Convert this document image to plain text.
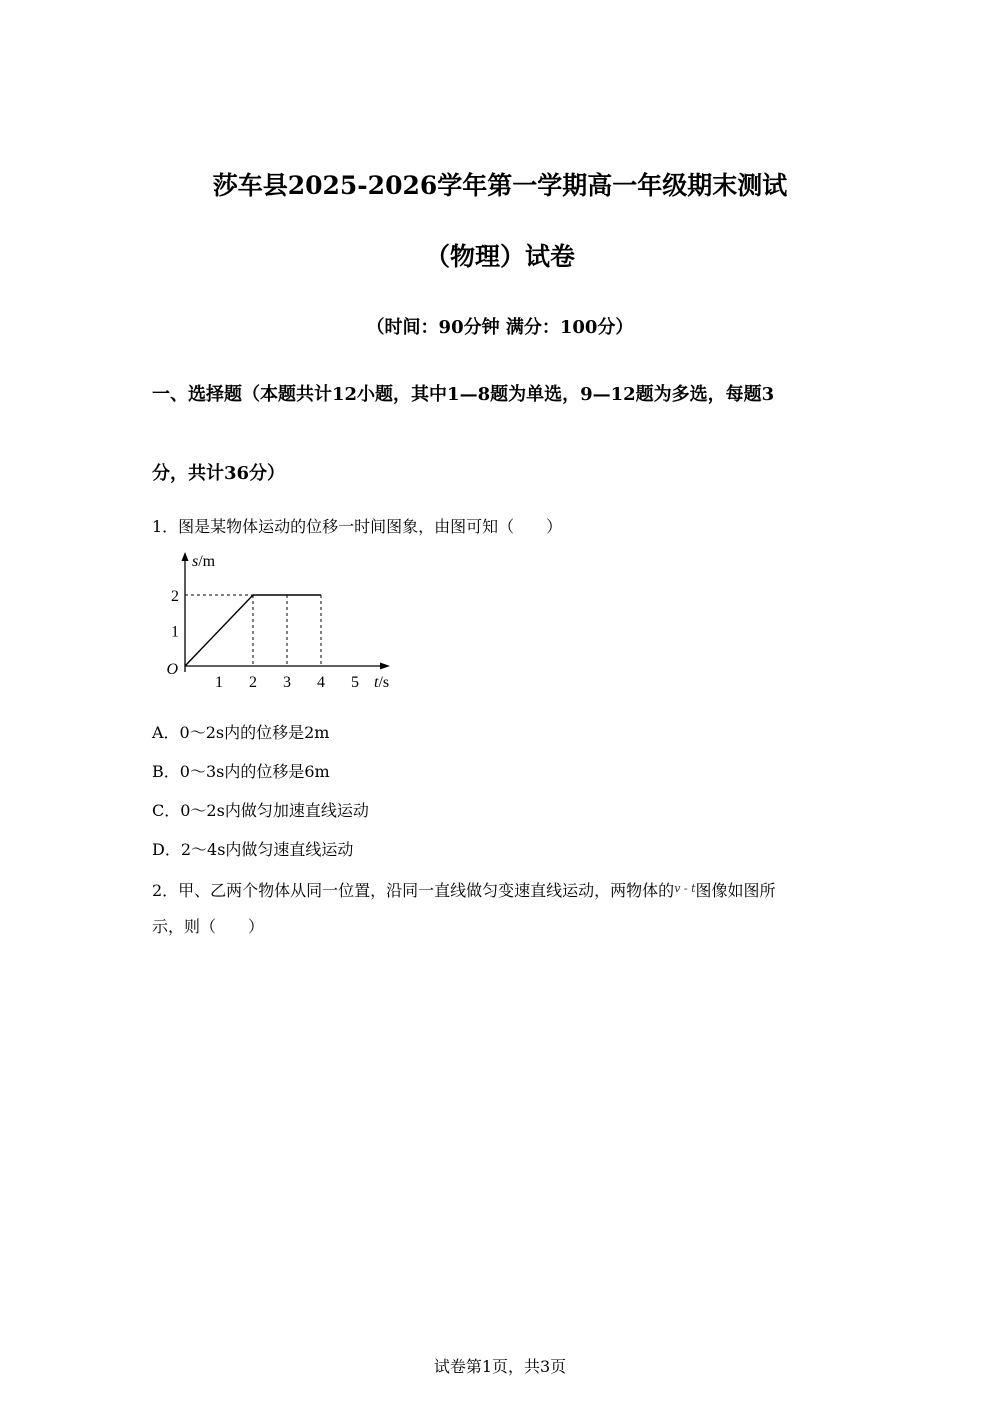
莎车县2025-2026学年第一学期高一年级期末测试
（物理）试卷

（时间：90分钟 满分：100分）

一、选择题（本题共计12小题，其中1—8题为单选，9—12题为多选，每题3

分，共计36分）

1．图是某物体运动的位移一时间图象，由图可知（　　）

1 2 3 4 5
1
2
O
s/m
t/s

A．0～2s内的位移是2m

B．0～3s内的位移是6m

C．0～2s内做匀加速直线运动

D．2～4s内做匀速直线运动

2．甲、乙两个物体从同一位置，沿同一直线做匀变速直线运动，两物体的$^{v - t}$图像如图所

示，则（　　）

试卷第1页，共3页
